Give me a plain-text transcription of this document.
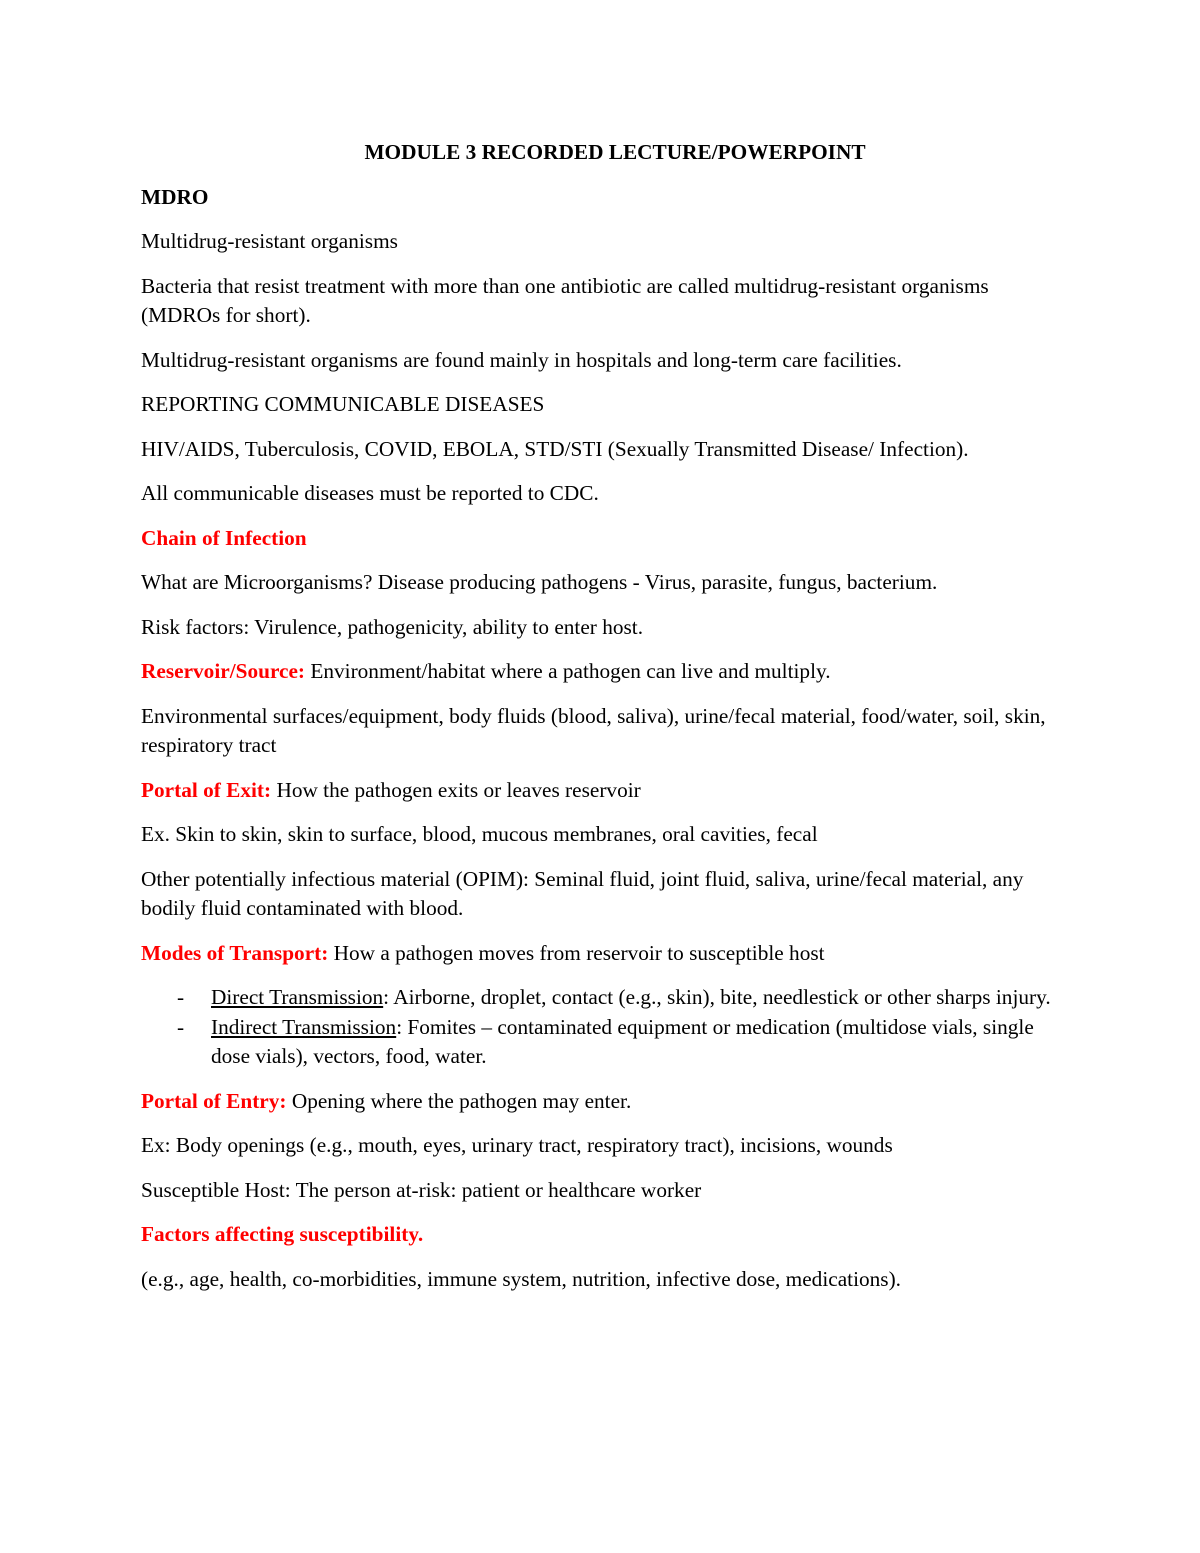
MODULE 3 RECORDED LECTURE/POWERPOINT

MDRO

Multidrug-resistant organisms

Bacteria that resist treatment with more than one antibiotic are called multidrug-resistant organisms (MDROs for short).

Multidrug-resistant organisms are found mainly in hospitals and long-term care facilities.

REPORTING COMMUNICABLE DISEASES

HIV/AIDS, Tuberculosis, COVID, EBOLA, STD/STI (Sexually Transmitted Disease/ Infection).

All communicable diseases must be reported to CDC.

Chain of Infection

What are Microorganisms? Disease producing pathogens - Virus, parasite, fungus, bacterium.

Risk factors: Virulence, pathogenicity, ability to enter host.

Reservoir/Source: Environment/habitat where a pathogen can live and multiply.

Environmental surfaces/equipment, body fluids (blood, saliva), urine/fecal material, food/water, soil, skin, respiratory tract

Portal of Exit: How the pathogen exits or leaves reservoir

Ex. Skin to skin, skin to surface, blood, mucous membranes, oral cavities, fecal

Other potentially infectious material (OPIM): Seminal fluid, joint fluid, saliva, urine/fecal material, any bodily fluid contaminated with blood.

Modes of Transport: How a pathogen moves from reservoir to susceptible host

- Direct Transmission: Airborne, droplet, contact (e.g., skin), bite, needlestick or other sharps injury.
- Indirect Transmission: Fomites – contaminated equipment or medication (multidose vials, single dose vials), vectors, food, water.

Portal of Entry: Opening where the pathogen may enter.

Ex: Body openings (e.g., mouth, eyes, urinary tract, respiratory tract), incisions, wounds

Susceptible Host: The person at-risk: patient or healthcare worker

Factors affecting susceptibility.

(e.g., age, health, co-morbidities, immune system, nutrition, infective dose, medications).
